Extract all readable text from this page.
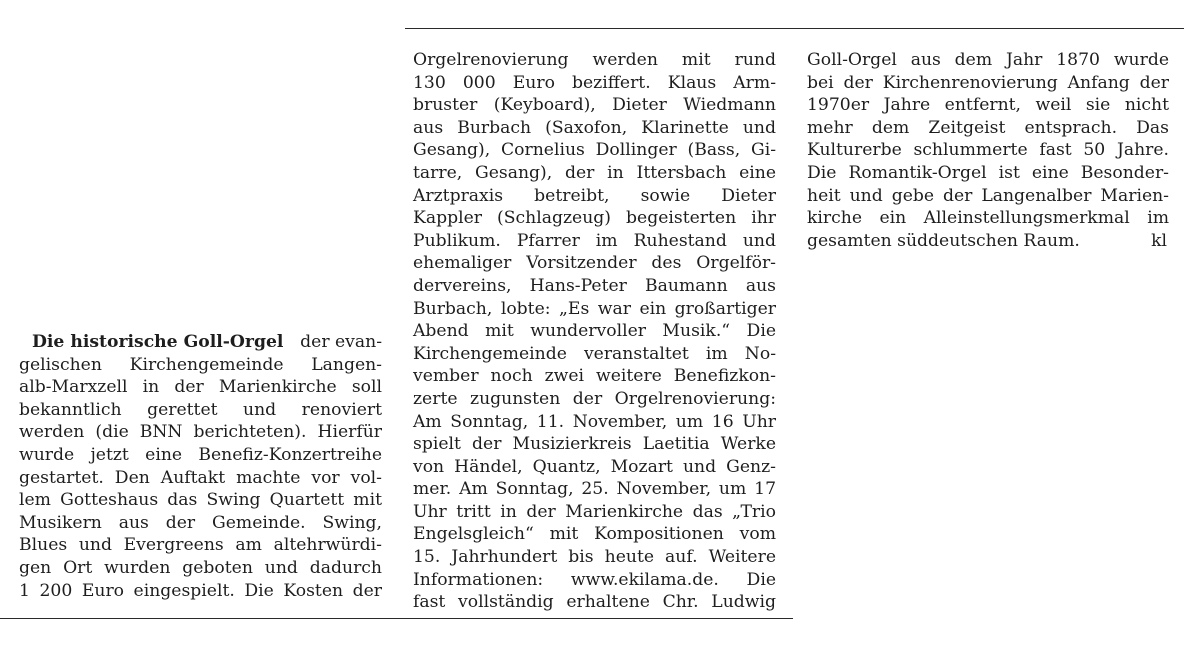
Die historische Goll-Orgel der evan-
gelischen Kirchengemeinde Langen-
alb-Marxzell in der Marienkirche soll
bekanntlich gerettet und renoviert
werden (die BNN berichteten). Hierfür
wurde jetzt eine Benefiz-Konzertreihe
gestartet. Den Auftakt machte vor vol-
lem Gotteshaus das Swing Quartett mit
Musikern aus der Gemeinde. Swing,
Blues und Evergreens am altehrwürdi-
gen Ort wurden geboten und dadurch
1 200 Euro eingespielt. Die Kosten der
Orgelrenovierung werden mit rund
130 000 Euro beziffert. Klaus Arm-
bruster (Keyboard), Dieter Wiedmann
aus Burbach (Saxofon, Klarinette und
Gesang), Cornelius Dollinger (Bass, Gi-
tarre, Gesang), der in Ittersbach eine
Arztpraxis betreibt, sowie Dieter
Kappler (Schlagzeug) begeisterten ihr
Publikum. Pfarrer im Ruhestand und
ehemaliger Vorsitzender des Orgelför-
dervereins, Hans-Peter Baumann aus
Burbach, lobte: „Es war ein großartiger
Abend mit wundervoller Musik.“ Die
Kirchengemeinde veranstaltet im No-
vember noch zwei weitere Benefizkon-
zerte zugunsten der Orgelrenovierung:
Am Sonntag, 11. November, um 16 Uhr
spielt der Musizierkreis Laetitia Werke
von Händel, Quantz, Mozart und Genz-
mer. Am Sonntag, 25. November, um 17
Uhr tritt in der Marienkirche das „Trio
Engelsgleich“ mit Kompositionen vom
15. Jahrhundert bis heute auf. Weitere
Informationen: www.ekilama.de. Die
fast vollständig erhaltene Chr. Ludwig
Goll-Orgel aus dem Jahr 1870 wurde
bei der Kirchenrenovierung Anfang der
1970er Jahre entfernt, weil sie nicht
mehr dem Zeitgeist entsprach. Das
Kulturerbe schlummerte fast 50 Jahre.
Die Romantik-Orgel ist eine Besonder-
heit und gebe der Langenalber Marien-
kirche ein Alleinstellungsmerkmal im
gesamten süddeutschen Raum.	kl
